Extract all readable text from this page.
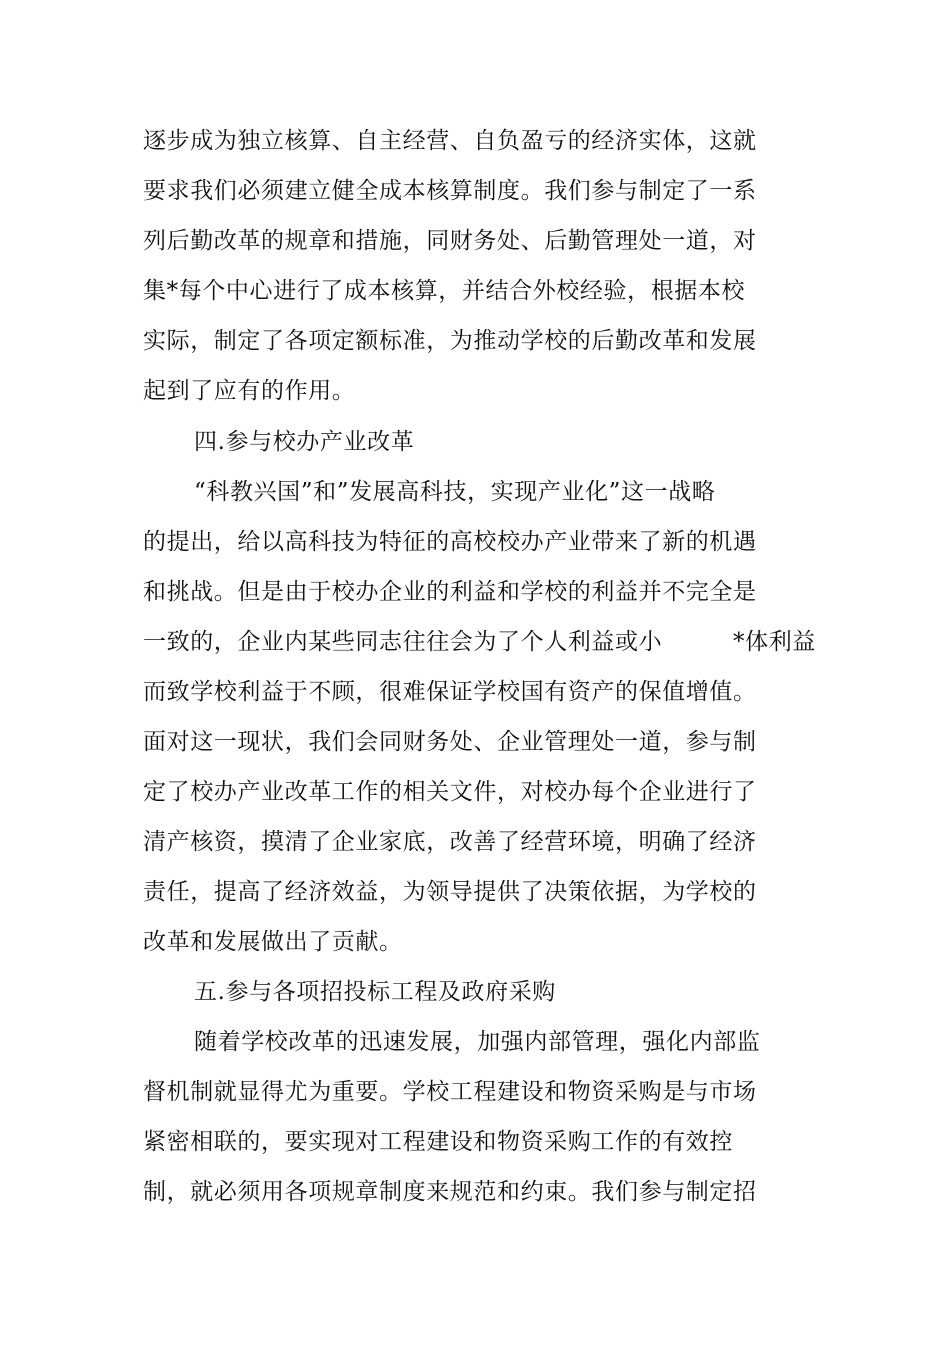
逐步成为独立核算、自主经营、自负盈亏的经济实体，这就
要求我们必须建立健全成本核算制度。我们参与制定了一系
列后勤改革的规章和措施，同财务处、后勤管理处一道，对
集*每个中心进行了成本核算，并结合外校经验，根据本校
实际，制定了各项定额标准，为推动学校的后勤改革和发展
起到了应有的作用。
四.参与校办产业改革
“科教兴国”和”发展高科技，实现产业化”这一战略
的提出，给以高科技为特征的高校校办产业带来了新的机遇
和挑战。但是由于校办企业的利益和学校的利益并不完全是
一致的，企业内某些同志往往会为了个人利益或小　　　*体利益
而致学校利益于不顾，很难保证学校国有资产的保值增值。
面对这一现状，我们会同财务处、企业管理处一道，参与制
定了校办产业改革工作的相关文件，对校办每个企业进行了
清产核资，摸清了企业家底，改善了经营环境，明确了经济
责任，提高了经济效益，为领导提供了决策依据，为学校的
改革和发展做出了贡献。
五.参与各项招投标工程及政府采购
随着学校改革的迅速发展，加强内部管理，强化内部监
督机制就显得尤为重要。学校工程建设和物资采购是与市场
紧密相联的，要实现对工程建设和物资采购工作的有效控
制，就必须用各项规章制度来规范和约束。我们参与制定招
